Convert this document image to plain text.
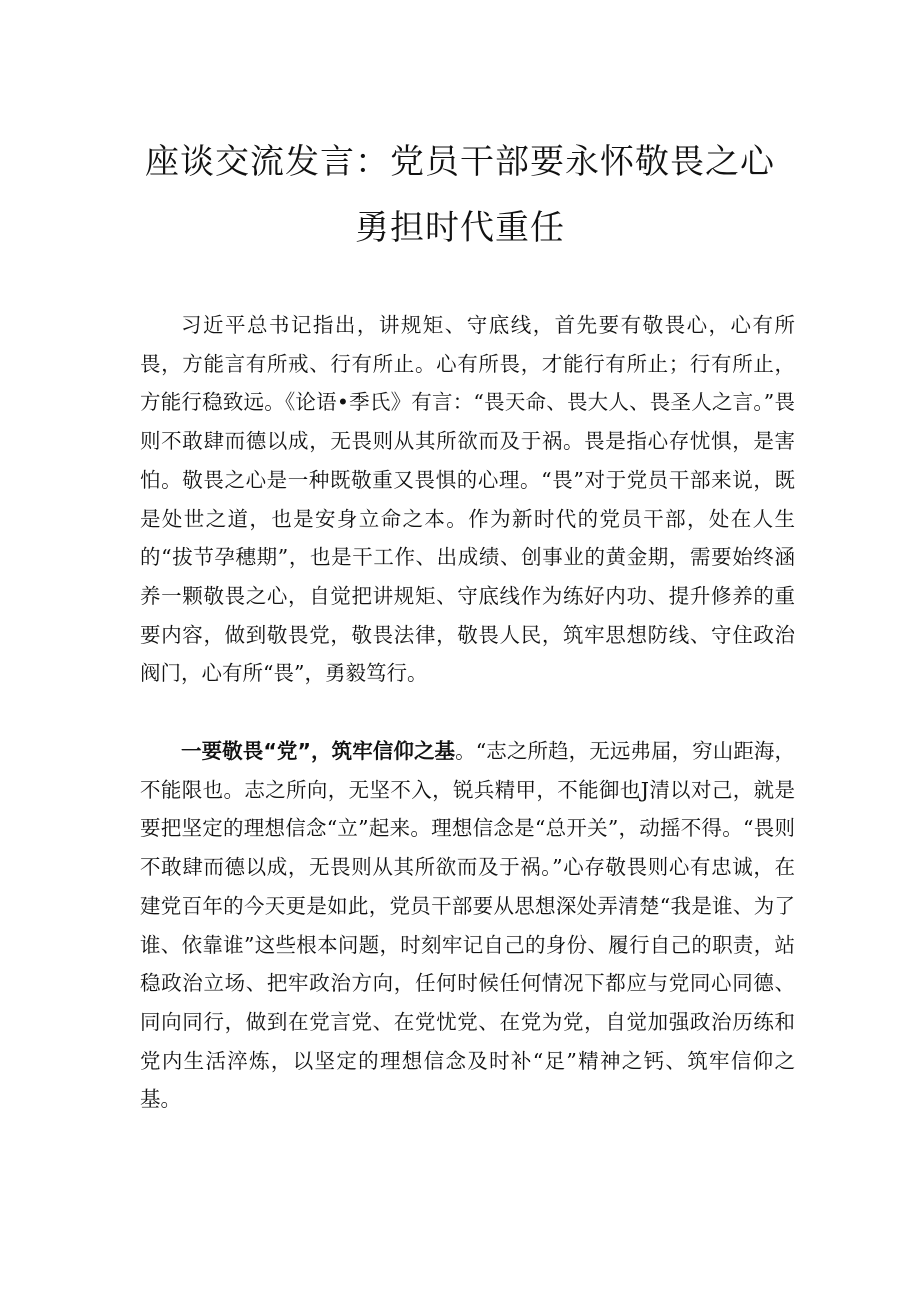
座谈交流发言：党员干部要永怀敬畏之心
勇担时代重任

习近平总书记指出，讲规矩、守底线，首先要有敬畏心，心有所畏，方能言有所戒、行有所止。心有所畏，才能行有所止；行有所止，方能行稳致远。《论语•季氏》有言：“畏天命、畏大人、畏圣人之言。”畏则不敢肆而德以成，无畏则从其所欲而及于祸。畏是指心存忧惧，是害怕。敬畏之心是一种既敬重又畏惧的心理。“畏”对于党员干部来说，既是处世之道，也是安身立命之本。作为新时代的党员干部，处在人生的“拔节孕穗期”，也是干工作、出成绩、创事业的黄金期，需要始终涵养一颗敬畏之心，自觉把讲规矩、守底线作为练好内功、提升修养的重要内容，做到敬畏党，敬畏法律，敬畏人民，筑牢思想防线、守住政治阀门，心有所“畏”，勇毅笃行。

一要敬畏“党”，筑牢信仰之基。“志之所趋，无远弗届，穷山距海，不能限也。志之所向，无坚不入，锐兵精甲，不能御也J清以对己，就是要把坚定的理想信念“立”起来。理想信念是“总开关”，动摇不得。“畏则不敢肆而德以成，无畏则从其所欲而及于祸。”心存敬畏则心有忠诚，在建党百年的今天更是如此，党员干部要从思想深处弄清楚“我是谁、为了谁、依靠谁”这些根本问题，时刻牢记自己的身份、履行自己的职责，站稳政治立场、把牢政治方向，任何时候任何情况下都应与党同心同德、同向同行，做到在党言党、在党忧党、在党为党，自觉加强政治历练和党内生活淬炼，以坚定的理想信念及时补“足”精神之钙、筑牢信仰之基。
